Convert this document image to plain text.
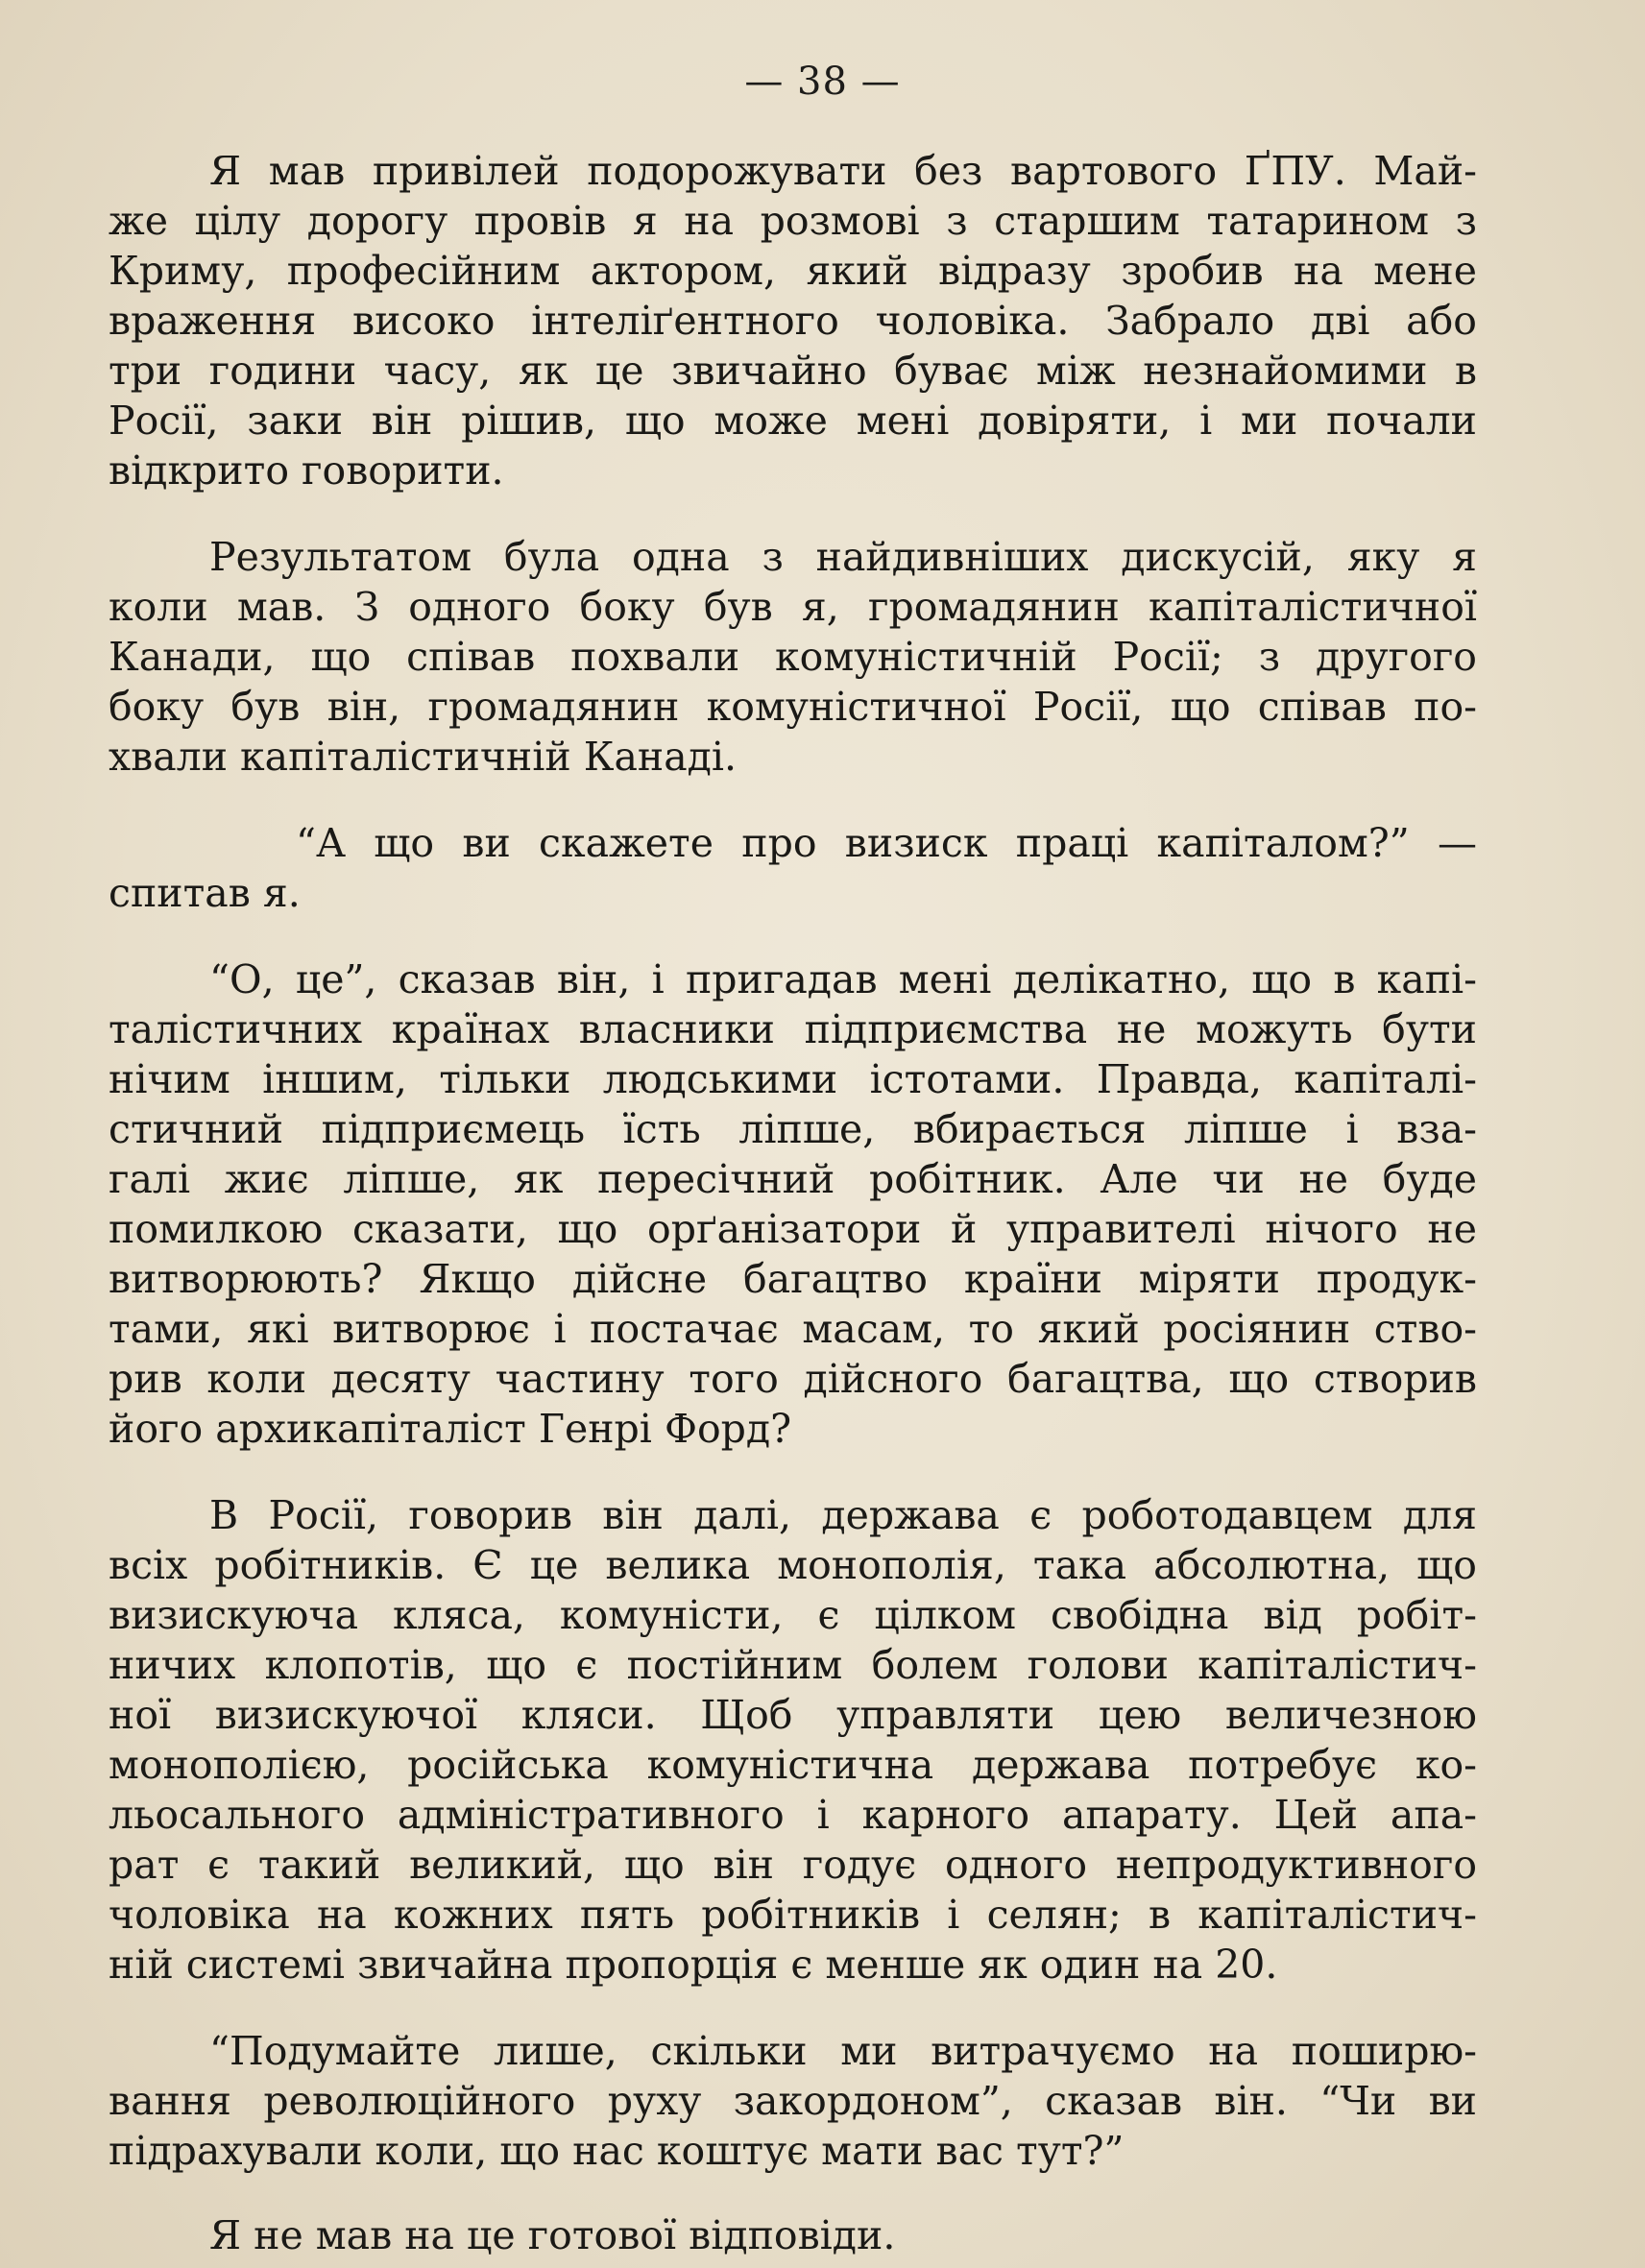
— 38 —
Я мав привілей подорожувати без вартового ҐПУ. Май-
же цілу дорогу провів я на розмові з старшим татарином з
Криму, професійним актором, який відразу зробив на мене
враження високо інтеліґентного чоловіка. Забрало дві або
три години часу, як це звичайно буває між незнайомими в
Росії, заки він рішив, що може мені довіряти, і ми почали
відкрито говорити.
Результатом була одна з найдивніших дискусій, яку я
коли мав. З одного боку був я, громадянин капіталістичної
Канади, що співав похвали комуністичній Росії; з другого
боку був він, громадянин комуністичної Росії, що співав по-
хвали капіталістичній Канаді.
“А що ви скажете про визиск праці капіталом?” —
спитав я.
“О, це”, сказав він, і пригадав мені делікатно, що в капі-
талістичних країнах власники підприємства не можуть бути
нічим іншим, тільки людськими істотами. Правда, капіталі-
стичний підприємець їсть ліпше, вбирається ліпше і вза-
галі жиє ліпше, як пересічний робітник. Але чи не буде
помилкою сказати, що орґанізатори й управителі нічого не
витворюють? Якщо дійсне багацтво країни міряти продук-
тами, які витворює і постачає масам, то який росіянин ство-
рив коли десяту частину того дійсного багацтва, що створив
його архикапіталіст Генрі Форд?
В Росії, говорив він далі, держава є роботодавцем для
всіх робітників. Є це велика монополія, така абсолютна, що
визискуюча кляса, комуністи, є цілком свобідна від робіт-
ничих клопотів, що є постійним болем голови капіталістич-
ної визискуючої кляси. Щоб управляти цею величезною
монополією, російська комуністична держава потребує ко-
льосального адміністративного і карного апарату. Цей апа-
рат є такий великий, що він годує одного непродуктивного
чоловіка на кожних пять робітників і селян; в капіталістич-
ній системі звичайна пропорція є менше як один на 20.
“Подумайте лише, скільки ми витрачуємо на поширю-
вання революційного руху закордоном”, сказав він. “Чи ви
підрахували коли, що нас коштує мати вас тут?”
Я не мав на це готової відповіди.
